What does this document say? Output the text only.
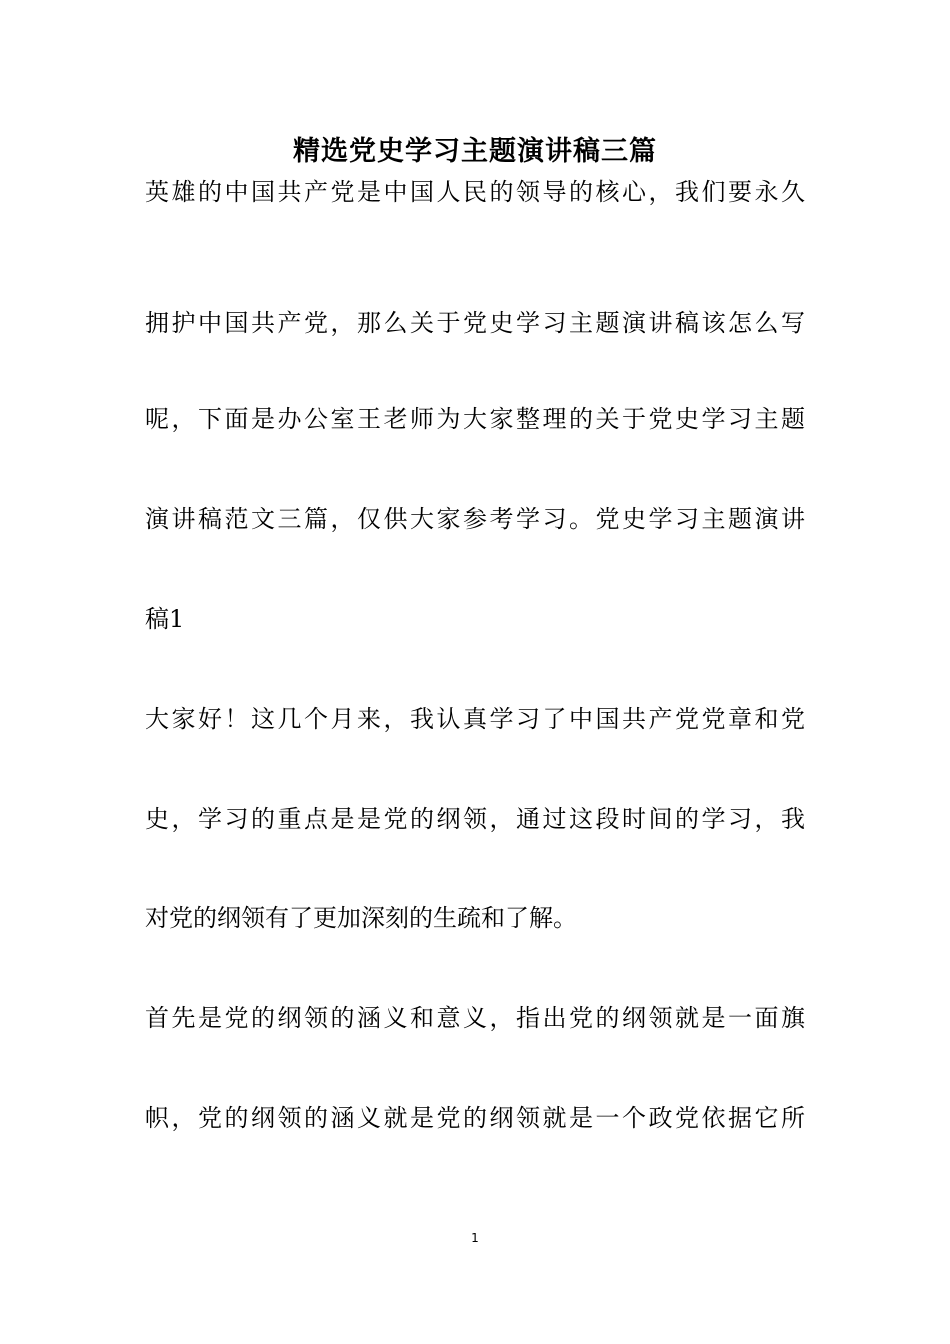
精选党史学习主题演讲稿三篇

英雄的中国共产党是中国人民的领导的核心，我们要永久

拥护中国共产党，那么关于党史学习主题演讲稿该怎么写

呢，下面是办公室王老师为大家整理的关于党史学习主题

演讲稿范文三篇，仅供大家参考学习。党史学习主题演讲

稿1

大家好！这几个月来，我认真学习了中国共产党党章和党

史，学习的重点是是党的纲领，通过这段时间的学习，我

对党的纲领有了更加深刻的生疏和了解。

首先是党的纲领的涵义和意义，指出党的纲领就是一面旗

帜，党的纲领的涵义就是党的纲领就是一个政党依据它所

1
